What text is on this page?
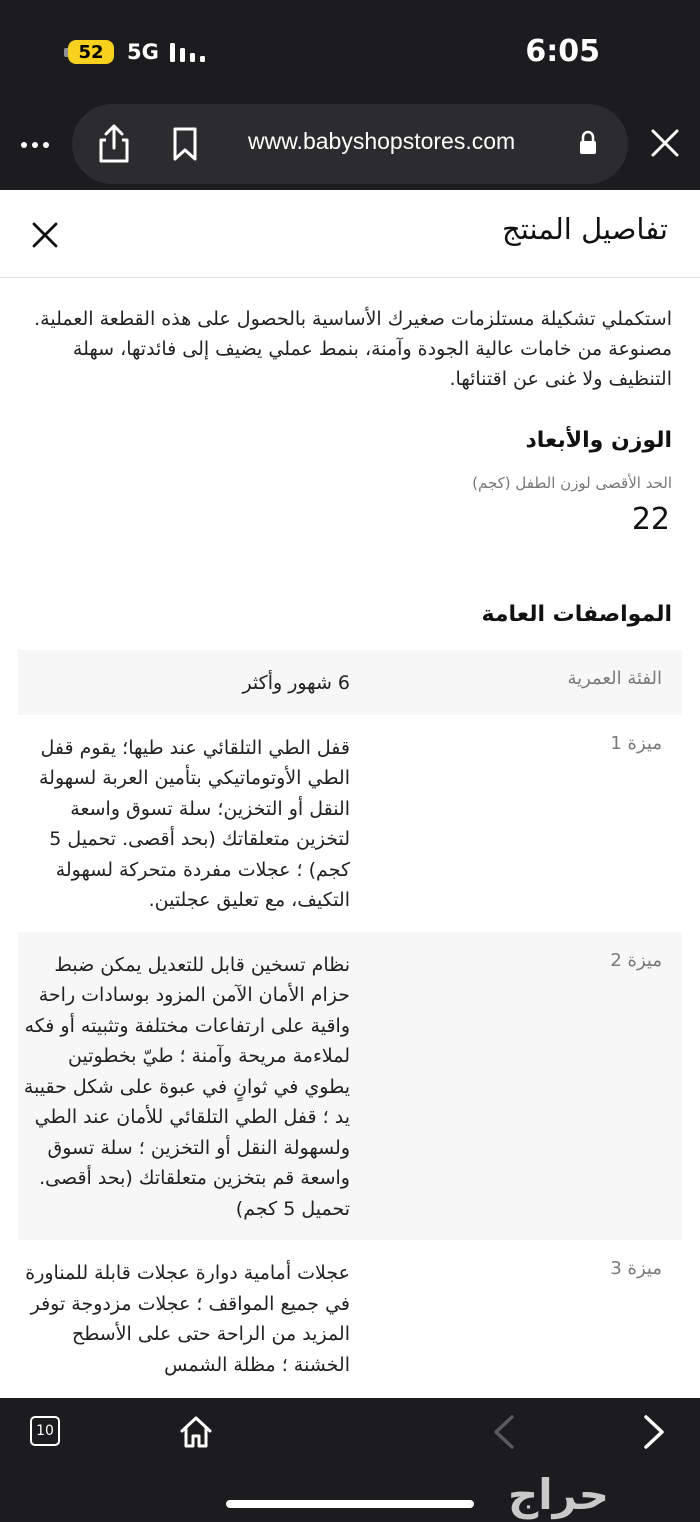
52	5G	6:05
www.babyshopstores.com
تفاصيل المنتج
استكملي تشكيلة مستلزمات صغيرك الأساسية بالحصول على هذه القطعة العملية. مصنوعة من خامات عالية الجودة وآمنة، بنمط عملي يضيف إلى فائدتها، سهلة التنظيف ولا غنى عن اقتنائها.
الوزن والأبعاد
الحد الأقصى لوزن الطفل (كجم)
22
المواصفات العامة
الفئة العمرية
6 شهور وأكثر
ميزة 1
قفل الطي التلقائي عند طيها؛ يقوم قفل الطي الأوتوماتيكي بتأمين العربة لسهولة النقل أو التخزين؛ سلة تسوق واسعة لتخزين متعلقاتك (بحد أقصى. تحميل 5 كجم) ؛ عجلات مفردة متحركة لسهولة التكيف، مع تعليق عجلتين.
ميزة 2
نظام تسخين قابل للتعديل يمكن ضبط حزام الأمان الآمن المزود بوسادات راحة واقية على ارتفاعات مختلفة وتثبيته أو فكه لملاءمة مريحة وآمنة ؛ طيّ بخطوتين يطوي في ثوانٍ في عبوة على شكل حقيبة يد ؛ قفل الطي التلقائي للأمان عند الطي ولسهولة النقل أو التخزين ؛ سلة تسوق واسعة قم بتخزين متعلقاتك (بحد أقصى. تحميل 5 كجم)
ميزة 3
عجلات أمامية دوارة عجلات قابلة للمناورة في جميع المواقف ؛ عجلات مزدوجة توفر المزيد من الراحة حتى على الأسطح الخشنة ؛ مظلة الشمس
10
حراج
